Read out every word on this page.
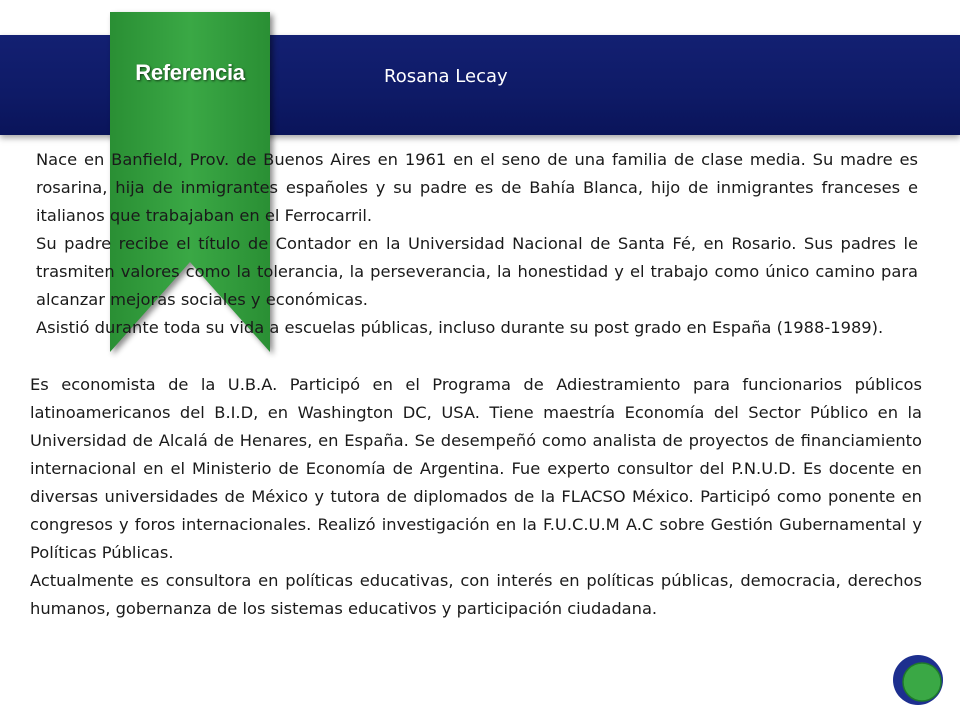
Referencia	Rosana Lecay

Nace en Banfield, Prov. de Buenos Aires en 1961 en el seno de una familia de clase media. Su madre es rosarina, hija de inmigrantes españoles y su padre es de Bahía Blanca, hijo de inmigrantes franceses e italianos que trabajaban en el Ferrocarril.

Su padre recibe el título de Contador en la Universidad Nacional de Santa Fé, en Rosario. Sus padres le trasmiten valores como la tolerancia, la perseverancia, la honestidad y el trabajo como único camino para alcanzar mejoras sociales y económicas.

Asistió durante toda su vida a escuelas públicas, incluso durante su post grado en España (1988-1989).

Es economista de la U.B.A. Participó en el Programa de Adiestramiento para funcionarios públicos latinoamericanos del B.I.D, en Washington DC, USA. Tiene maestría Economía del Sector Público en la Universidad de Alcalá de Henares, en España. Se desempeñó como analista de proyectos de financiamiento internacional en el Ministerio de Economía de Argentina. Fue experto consultor del P.N.U.D. Es docente en diversas universidades de México y tutora de diplomados de la FLACSO México. Participó como ponente en congresos y foros internacionales. Realizó investigación en la F.U.C.U.M A.C sobre Gestión Gubernamental y Políticas Públicas.

Actualmente es consultora en políticas educativas, con interés en políticas públicas, democracia, derechos humanos, gobernanza de los sistemas educativos y participación ciudadana.
